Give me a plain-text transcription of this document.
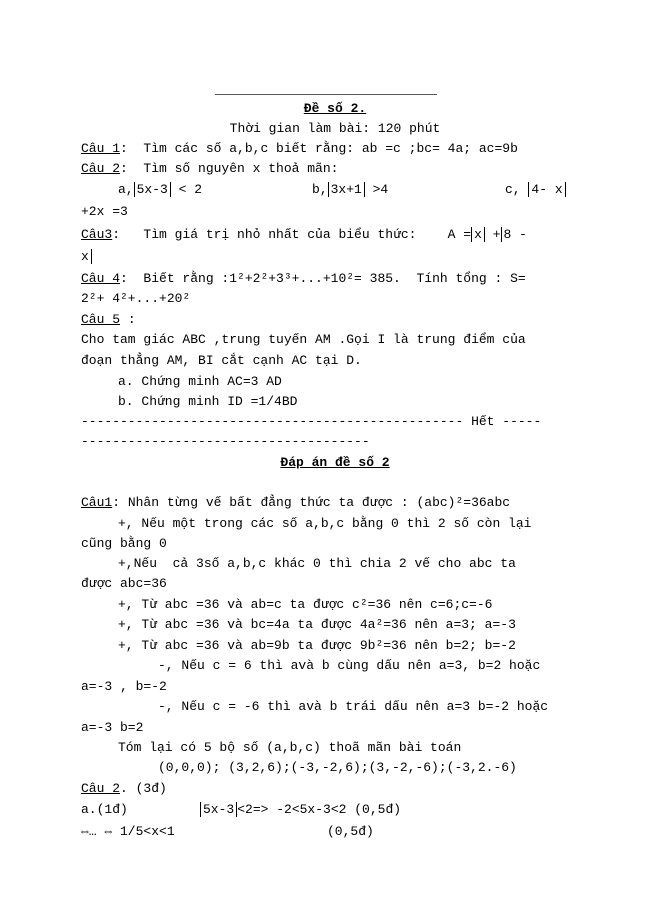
Đề số 2.
Thời gian làm bài: 120 phút
Câu 1:  Tìm các số a,b,c biết rằng: ab =c ;bc= 4a; ac=9b
Câu 2:  Tìm số nguyên x thoả mãn:
a, 5x-3 < 2	b, 3x+1 >4	c, 4- x
+2x =3
Câu3:   Tìm giá trị nhỏ nhất của biểu thức:    A = x + 8 -
x
Câu 4:  Biết rằng :1²+2²+3³+...+10²= 385.  Tính tổng : S=
2²+ 4²+...+20²
Câu 5 :
Cho tam giác ABC ,trung tuyến AM .Gọi I là trung điểm của
đoạn thẳng AM, BI cắt cạnh AC tại D.
a. Chứng minh AC=3 AD
b. Chứng minh ID =1/4BD
------------------------------------------------- Hết -----
-------------------------------------
Đáp án đề số 2
Câu1: Nhân từng vế bất đẳng thức ta được : (abc)²=36abc
+, Nếu một trong các số a,b,c bằng 0 thì 2 số còn lại
cũng bằng 0
+,Nếu  cả 3số a,b,c khác 0 thì chia 2 vế cho abc ta
được abc=36
+, Từ abc =36 và ab=c ta được c²=36 nên c=6;c=-6
+, Từ abc =36 và bc=4a ta được 4a²=36 nên a=3; a=-3
+, Từ abc =36 và ab=9b ta được 9b²=36 nên b=2; b=-2
-, Nếu c = 6 thì avà b cùng dấu nên a=3, b=2 hoặc
a=-3 , b=-2
-, Nếu c = -6 thì avà b trái dấu nên a=3 b=-2 hoặc
a=-3 b=2
Tóm lại có 5 bộ số (a,b,c) thoã mãn bài toán
(0,0,0); (3,2,6);(-3,-2,6);(3,-2,-6);(-3,2.-6)
Câu 2. (3đ)
a.(1đ)	5x-3 <2=> -2<5x-3<2 (0,5đ)
⇔… ⇔ 1/5<x<1	(0,5đ)
